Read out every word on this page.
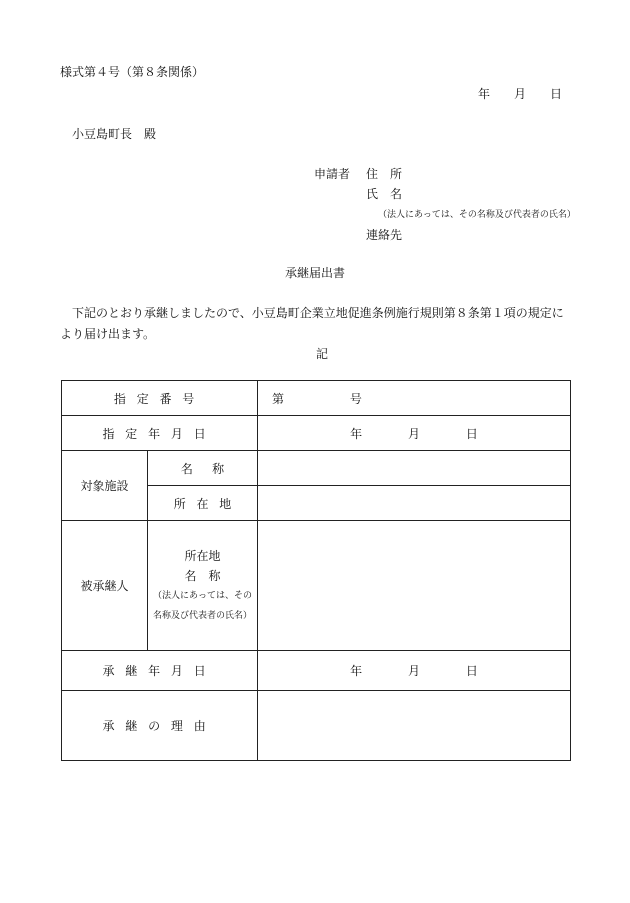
様式第４号（第８条関係）
年　　月　　日
小豆島町長　殿
申請者 住　所
氏　名
（法人にあっては、その名称及び代表者の氏名）
連絡先
承継届出書
下記のとおり承継しましたので、小豆島町企業立地促進条例施行規則第８条第１項の規定に
より届け出ます。
記
指定番号		第 号
指定年月日		年 月 日
対象施設	名称	
	所在地	
被承継人	所在地
名　称
（法人にあっては、その
名称及び代表者の氏名）	

承継年月日		年 月 日
承継の理由		
